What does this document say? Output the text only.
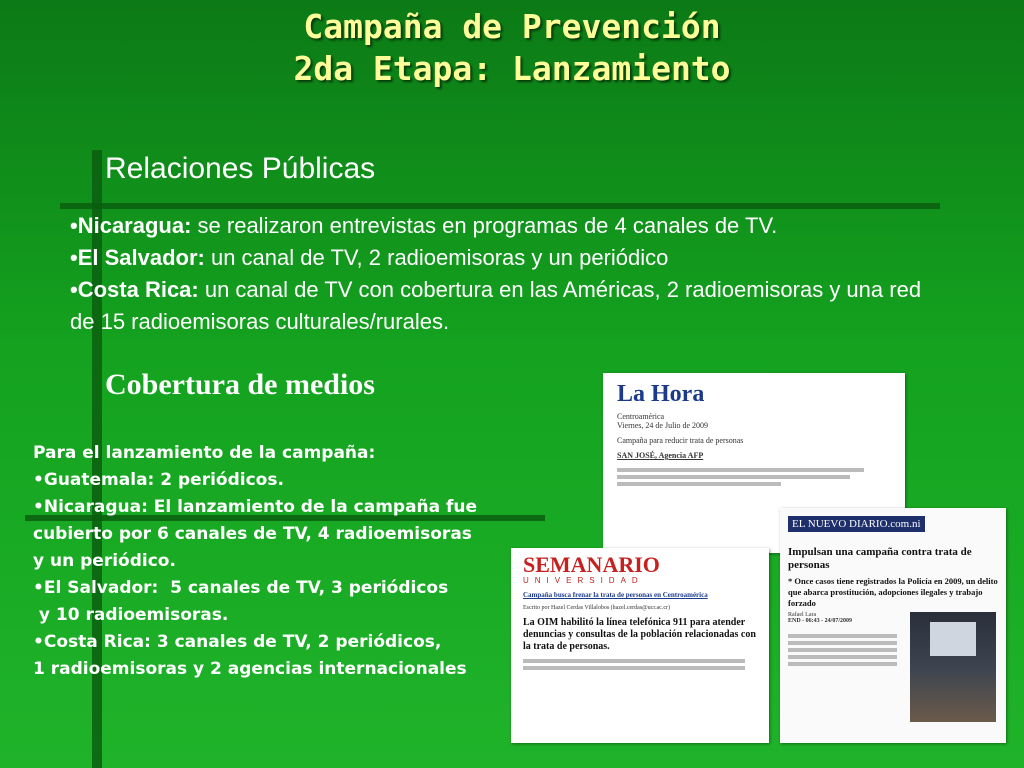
Campaña de Prevención
2da Etapa: Lanzamiento
Relaciones Públicas
•Nicaragua: se realizaron entrevistas en programas de 4 canales de TV.
•El Salvador: un canal de TV, 2 radioemisoras y un periódico
•Costa Rica: un canal de TV con cobertura en las Américas, 2 radioemisoras y una red de 15 radioemisoras culturales/rurales.
Cobertura de medios
Para el lanzamiento de la campaña:
•Guatemala: 2 periódicos.
•Nicaragua: El lanzamiento de la campaña fue
cubierto por 6 canales de TV, 4 radioemisoras
y un periódico.
•El Salvador:  5 canales de TV, 3 periódicos
y 10 radioemisoras.
•Costa Rica: 3 canales de TV, 2 periódicos,
1 radioemisoras y 2 agencias internacionales
La Hora
Centroamérica
Viernes, 24 de Julio de 2009
Campaña para reducir trata de personas
SAN JOSÉ, Agencia AFP
EL NUEVO DIARIO.com.ni
Impulsan una campaña contra trata de personas
* Once casos tiene registrados la Policía en 2009, un delito que abarca prostitución, adopciones ilegales y trabajo forzado
Rafael Lara
END - 06:43 - 24/07/2009
SEMANARIO
UNIVERSIDAD
Campaña busca frenar la trata de personas en Centroamérica
Escrito por Hazel Cerdas Villalobos (hazel.cerdas@ucr.ac.cr)
La OIM habilitó la línea telefónica 911 para atender denuncias y consultas de la población relacionadas con la trata de personas.
